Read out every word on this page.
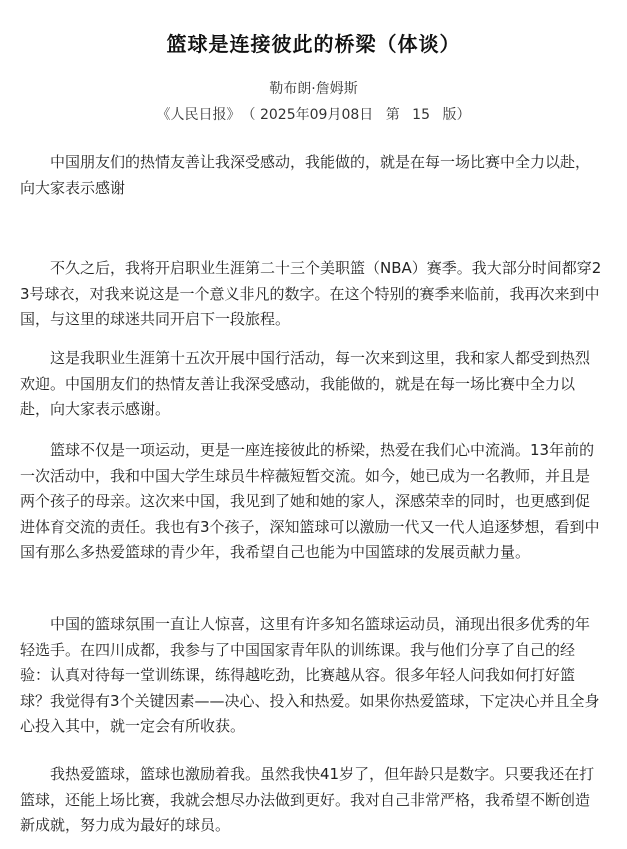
篮球是连接彼此的桥梁（体谈）
勒布朗·詹姆斯
《人民日报》 （ 2025年09月08日 第 15 版）

中国朋友们的热情友善让我深受感动，我能做的，就是在每一场比赛中全力以赴，向大家表示感谢

不久之后，我将开启职业生涯第二十三个美职篮（NBA）赛季。我大部分时间都穿23号球衣，对我来说这是一个意义非凡的数字。在这个特别的赛季来临前，我再次来到中国，与这里的球迷共同开启下一段旅程。

这是我职业生涯第十五次开展中国行活动，每一次来到这里，我和家人都受到热烈欢迎。中国朋友们的热情友善让我深受感动，我能做的，就是在每一场比赛中全力以赴，向大家表示感谢。

篮球不仅是一项运动，更是一座连接彼此的桥梁，热爱在我们心中流淌。13年前的一次活动中，我和中国大学生球员牛梓薇短暂交流。如今，她已成为一名教师，并且是两个孩子的母亲。这次来中国，我见到了她和她的家人，深感荣幸的同时，也更感到促进体育交流的责任。我也有3个孩子，深知篮球可以激励一代又一代人追逐梦想，看到中国有那么多热爱篮球的青少年，我希望自己也能为中国篮球的发展贡献力量。

中国的篮球氛围一直让人惊喜，这里有许多知名篮球运动员，涌现出很多优秀的年轻选手。在四川成都，我参与了中国国家青年队的训练课。我与他们分享了自己的经验：认真对待每一堂训练课，练得越吃劲，比赛越从容。很多年轻人问我如何打好篮球？我觉得有3个关键因素——决心、投入和热爱。如果你热爱篮球，下定决心并且全身心投入其中，就一定会有所收获。

我热爱篮球，篮球也激励着我。虽然我快41岁了，但年龄只是数字。只要我还在打篮球，还能上场比赛，我就会想尽办法做到更好。我对自己非常严格，我希望不断创造新成就，努力成为最好的球员。
